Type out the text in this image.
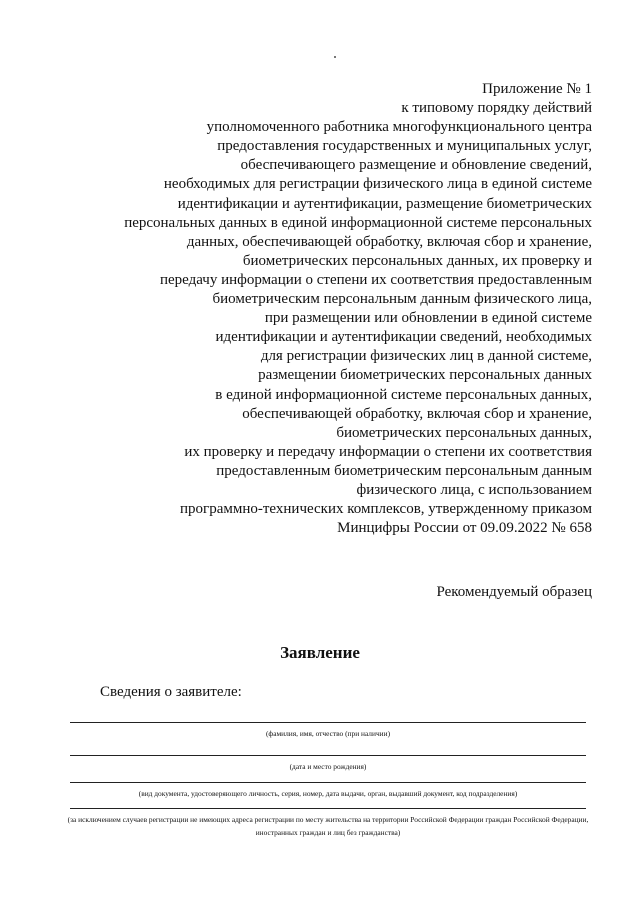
Приложение № 1
к типовому порядку действий
уполномоченного работника многофункционального центра
предоставления государственных и муниципальных услуг,
обеспечивающего размещение и обновление сведений,
необходимых для регистрации физического лица в единой системе
идентификации и аутентификации, размещение биометрических
персональных данных в единой информационной системе персональных
данных, обеспечивающей обработку, включая сбор и хранение,
биометрических персональных данных, их проверку и
передачу информации о степени их соответствия предоставленным
биометрическим персональным данным физического лица,
при размещении или обновлении в единой системе
идентификации и аутентификации сведений, необходимых
для регистрации физических лиц в данной системе,
размещении биометрических персональных данных
в единой информационной системе персональных данных,
обеспечивающей обработку, включая сбор и хранение,
биометрических персональных данных,
их проверку и передачу информации о степени их соответствия
предоставленным биометрическим персональным данным
физического лица, с использованием
программно-технических комплексов, утвержденному приказом
Минцифры России от 09.09.2022 № 658
Рекомендуемый образец
Заявление
Сведения о заявителе:
(фамилия, имя, отчество (при наличии)
(дата и место рождения)
(вид документа, удостоверяющего личность, серия, номер, дата выдачи, орган, выдавший документ, код подразделения)
(за исключением случаев регистрации не имеющих адреса регистрации по месту жительства на территории Российской Федерации граждан Российской Федерации, иностранных граждан и лиц без гражданства)
